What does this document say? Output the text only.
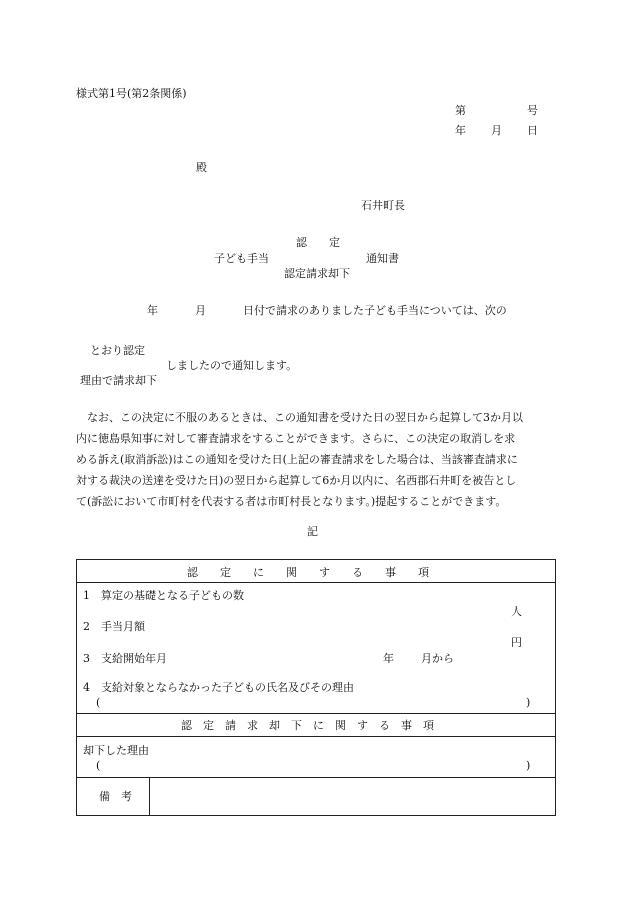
様式第1号(第2条関係)
第	号
年 月 日
殿
石井町長
認　　定
子ども手当	通知書
認定請求却下
年	月	日付で請求のありました子ども手当については、次の
とおり認定
しましたので通知します。
理由で請求却下
なお、この決定に不服のあるときは、この通知書を受けた日の翌日から起算して3か月以
内に徳島県知事に対して審査請求をすることができます。さらに、この決定の取消しを求
める訴え(取消訴訟)はこの通知を受けた日(上記の審査請求をした場合は、当該審査請求に
対する裁決の送達を受けた日)の翌日から起算して6か月以内に、名西郡石井町を被告とし
て(訴訟において市町村を代表する者は市町村長となります。)提起することができます。
記
認　　定　　に　　関　　す　　る　　事　　項
1　算定の基礎となる子どもの数
人
2　手当月額
円
3　支給開始年月	年 月から
4　支給対象とならなかった子どもの氏名及びその理由
(	)
認　定　請　求　却　下　に　関　す　る　事　項
却下した理由
(	)
備　考
